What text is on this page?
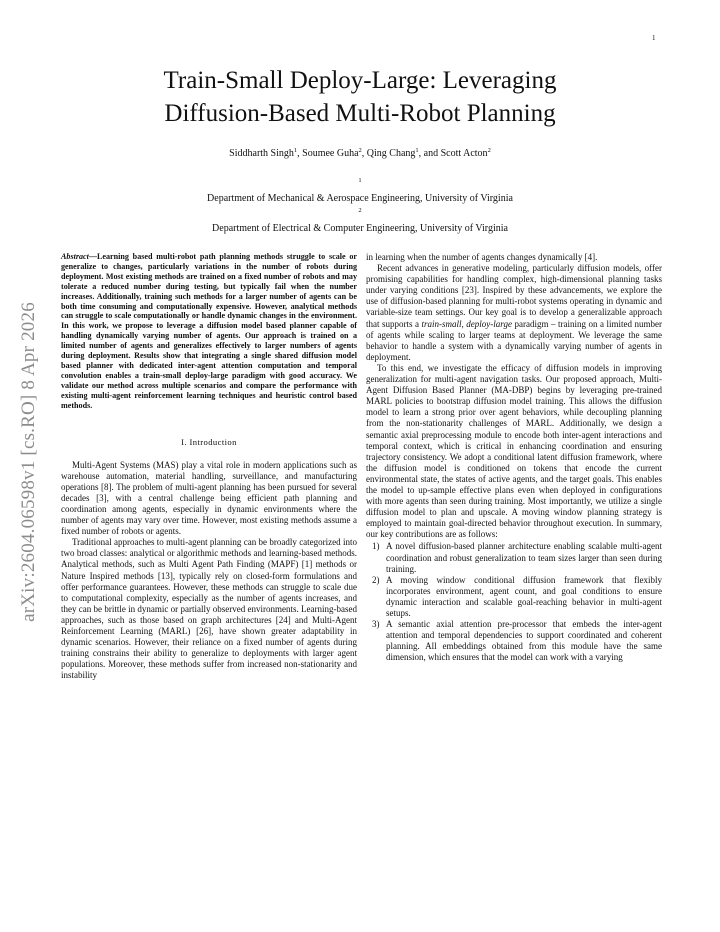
1
arXiv:2604.06598v1 [cs.RO] 8 Apr 2026
Train-Small Deploy-Large: Leveraging
Diffusion-Based Multi-Robot Planning
Siddharth Singh$^1$, Soumee Guha$^2$, Qing Chang$^1$, and Scott Acton$^2$
$^1$
Department of Mechanical & Aerospace Engineering, University of Virginia
$^2$
Department of Electrical & Computer Engineering, University of Virginia

Abstract—Learning based multi-robot path planning methods struggle to scale or generalize to changes, particularly variations in the number of robots during deployment. Most existing methods are trained on a fixed number of robots and may tolerate a reduced number during testing, but typically fail when the number increases. Additionally, training such methods for a larger number of agents can be both time consuming and computationally expensive. However, analytical methods can struggle to scale computationally or handle dynamic changes in the environment. In this work, we propose to leverage a diffusion model based planner capable of handling dynamically varying number of agents. Our approach is trained on a limited number of agents and generalizes effectively to larger numbers of agents during deployment. Results show that integrating a single shared diffusion model based planner with dedicated inter-agent attention computation and temporal convolution enables a train-small deploy-large paradigm with good accuracy. We validate our method across multiple scenarios and compare the performance with existing multi-agent reinforcement learning techniques and heuristic control based methods.

I. Introduction

Multi-Agent Systems (MAS) play a vital role in modern applications such as warehouse automation, material handling, surveillance, and manufacturing operations [8]. The problem of multi-agent planning has been pursued for several decades [3], with a central challenge being efficient path planning and coordination among agents, especially in dynamic environments where the number of agents may vary over time. However, most existing methods assume a fixed number of robots or agents.

Traditional approaches to multi-agent planning can be broadly categorized into two broad classes: analytical or algorithmic methods and learning-based methods. Analytical methods, such as Multi Agent Path Finding (MAPF) [1] methods or Nature Inspired methods [13], typically rely on closed-form formulations and offer performance guarantees. However, these methods can struggle to scale due to computational complexity, especially as the number of agents increases, and they can be brittle in dynamic or partially observed environments. Learning-based approaches, such as those based on graph architectures [24] and Multi-Agent Reinforcement Learning (MARL) [26], have shown greater adaptability in dynamic scenarios. However, their reliance on a fixed number of agents during training constrains their ability to generalize to deployments with larger agent populations. Moreover, these methods suffer from increased non-stationarity and instability

in learning when the number of agents changes dynamically [4].

Recent advances in generative modeling, particularly diffusion models, offer promising capabilities for handling complex, high-dimensional planning tasks under varying conditions [23]. Inspired by these advancements, we explore the use of diffusion-based planning for multi-robot systems operating in dynamic and variable-size team settings. Our key goal is to develop a generalizable approach that supports a train-small, deploy-large paradigm – training on a limited number of agents while scaling to larger teams at deployment. We leverage the same behavior to handle a system with a dynamically varying number of agents in deployment.

To this end, we investigate the efficacy of diffusion models in improving generalization for multi-agent navigation tasks. Our proposed approach, Multi-Agent Diffusion Based Planner (MA-DBP) begins by leveraging pre-trained MARL policies to bootstrap diffusion model training. This allows the diffusion model to learn a strong prior over agent behaviors, while decoupling planning from the non-stationarity challenges of MARL. Additionally, we design a semantic axial preprocessing module to encode both inter-agent interactions and temporal context, which is critical in enhancing coordination and ensuring trajectory consistency. We adopt a conditional latent diffusion framework, where the diffusion model is conditioned on tokens that encode the current environmental state, the states of active agents, and the target goals. This enables the model to up-sample effective plans even when deployed in configurations with more agents than seen during training. Most importantly, we utilize a single diffusion model to plan and upscale. A moving window planning strategy is employed to maintain goal-directed behavior throughout execution. In summary, our key contributions are as follows:

1) A novel diffusion-based planner architecture enabling scalable multi-agent coordination and robust generalization to team sizes larger than seen during training.
2) A moving window conditional diffusion framework that flexibly incorporates environment, agent count, and goal conditions to ensure dynamic interaction and scalable goal-reaching behavior in multi-agent setups.
3) A semantic axial attention pre-processor that embeds the inter-agent attention and temporal dependencies to support coordinated and coherent planning. All embeddings obtained from this module have the same dimension, which ensures that the model can work with a varying
